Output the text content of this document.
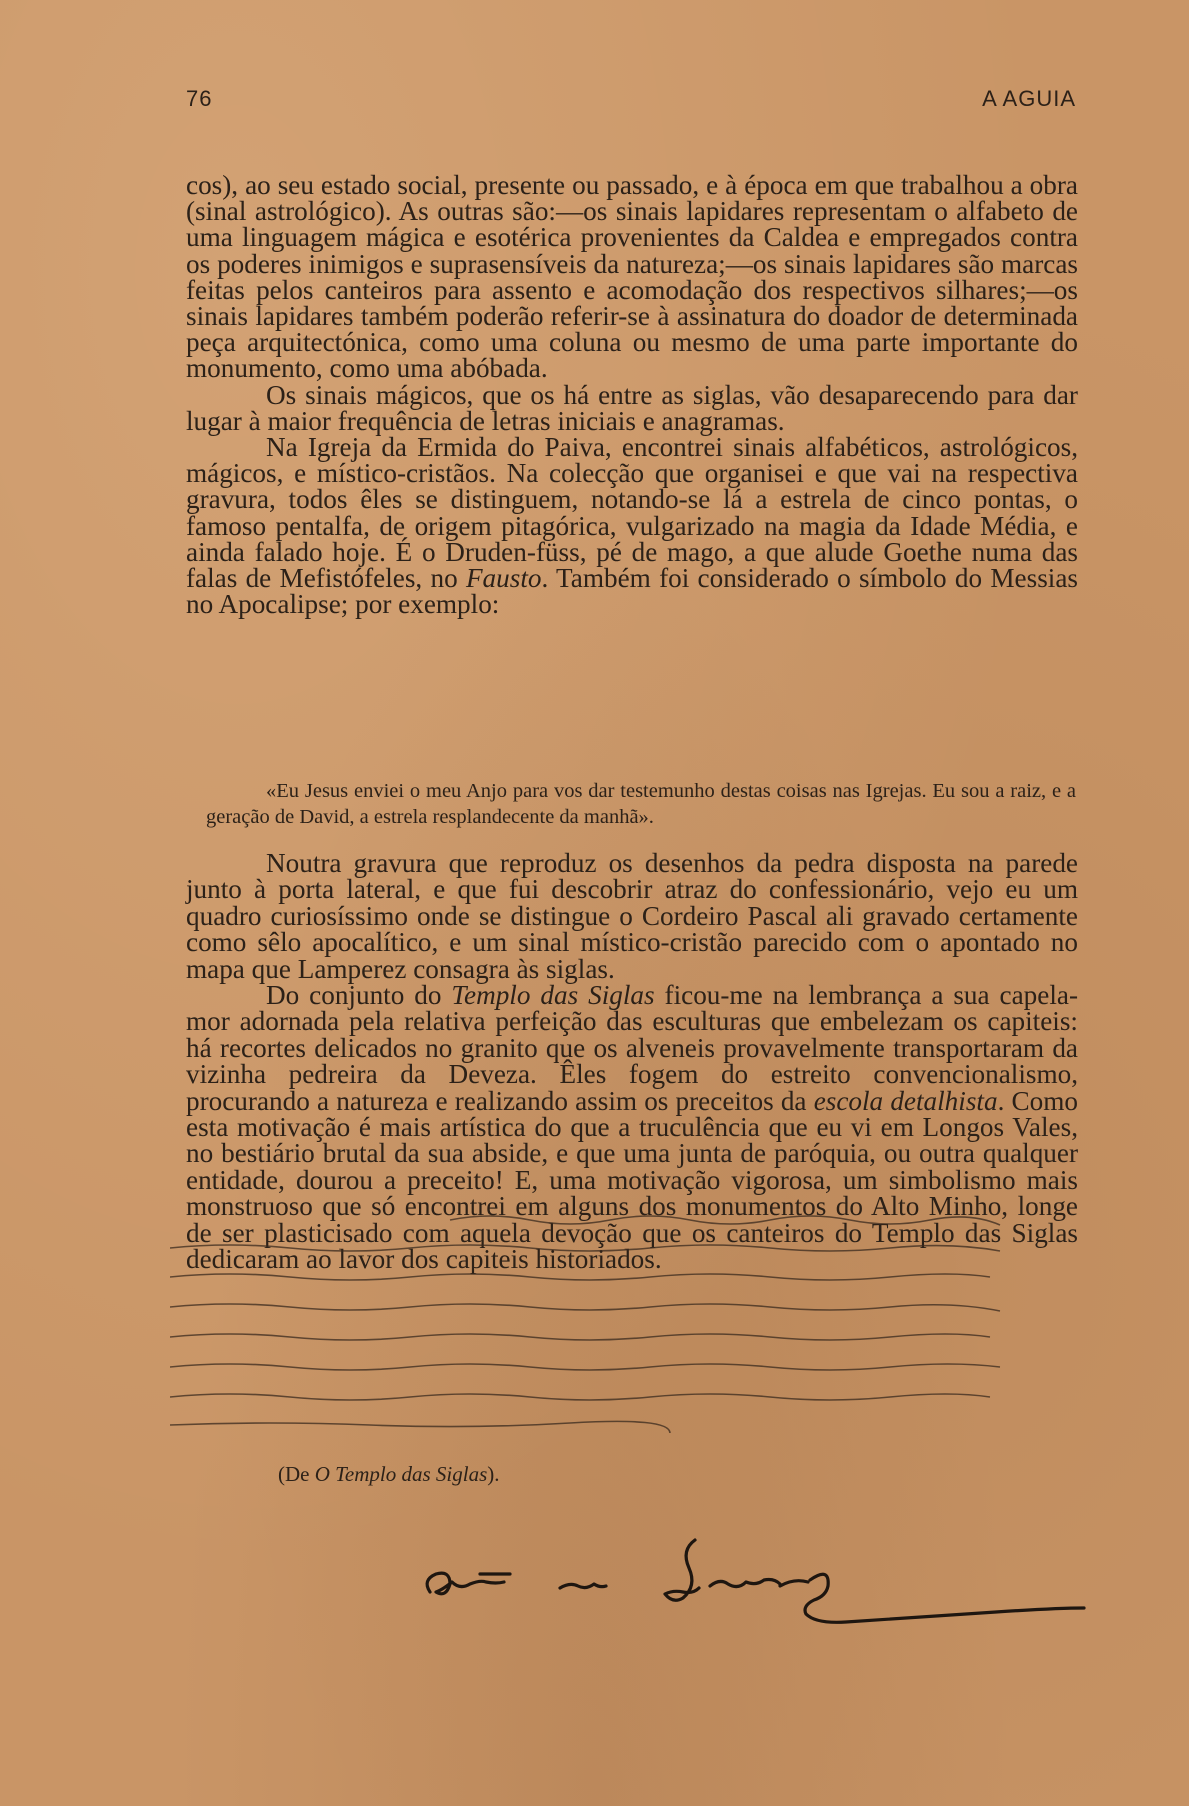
76	A AGUIA

cos), ao seu estado social, presente ou passado, e à época em que trabalhou a obra (sinal astrológico). As outras são:—os sinais lapidares representam o alfabeto de uma linguagem mágica e esotérica provenientes da Caldea e empregados contra os poderes inimigos e suprasensíveis da natureza;—os sinais lapidares são marcas feitas pelos canteiros para assento e acomodação dos respectivos silhares;—os sinais lapidares também poderão referir-se à assinatura do doador de determinada peça arquitectónica, como uma coluna ou mesmo de uma parte importante do monumento, como uma abóbada.

Os sinais mágicos, que os há entre as siglas, vão desaparecendo para dar lugar à maior frequência de letras iniciais e anagramas.

Na Igreja da Ermida do Paiva, encontrei sinais alfabéticos, astrológicos, mágicos, e místico-cristãos. Na colecção que organisei e que vai na respectiva gravura, todos êles se distinguem, notando-se lá a estrela de cinco pontas, o famoso pentalfa, de origem pitagórica, vulgarizado na magia da Idade Média, e ainda falado hoje. É o Druden-füss, pé de mago, a que alude Goethe numa das falas de Mefistófeles, no Fausto. Também foi considerado o símbolo do Messias no Apocalipse; por exemplo:

«Eu Jesus enviei o meu Anjo para vos dar testemunho destas coisas nas Igrejas. Eu sou a raiz, e a geração de David, a estrela resplandecente da manhã».

Noutra gravura que reproduz os desenhos da pedra disposta na parede junto à porta lateral, e que fui descobrir atraz do confessionário, vejo eu um quadro curiosíssimo onde se distingue o Cordeiro Pascal ali gravado certamente como sêlo apocalítico, e um sinal místico-cristão parecido com o apontado no mapa que Lamperez consagra às siglas.

Do conjunto do Templo das Siglas ficou-me na lembrança a sua capela-mor adornada pela relativa perfeição das esculturas que embelezam os capiteis: há recortes delicados no granito que os alveneis provavelmente transportaram da vizinha pedreira da Deveza. Êles fogem do estreito convencionalismo, procurando a natureza e realizando assim os preceitos da escola detalhista. Como esta motivação é mais artística do que a truculência que eu vi em Longos Vales, no bestiário brutal da sua abside, e que uma junta de paróquia, ou outra qualquer entidade, dourou a preceito! E, uma motivação vigorosa, um simbolismo mais monstruoso que só encontrei em alguns dos monumentos do Alto Minho, longe de ser plasticisado com aquela devoção que os canteiros do Templo das Siglas dedicaram ao lavor dos capiteis historiados.

(De O Templo das Siglas).
